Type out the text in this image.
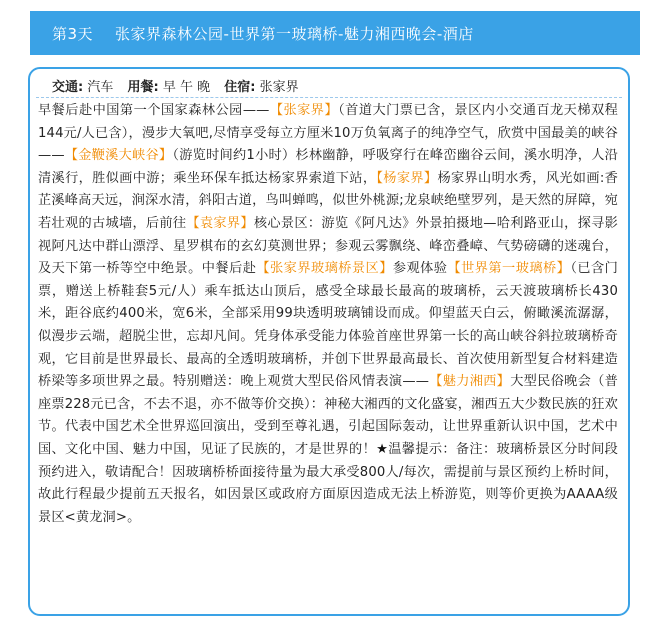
第3天 张家界森林公园-世界第一玻璃桥-魅力湘西晚会-酒店
交通: 汽车 用餐: 早 午 晚 住宿: 张家界
早餐后赴中国第一个国家森林公园——【张家界】（首道大门票已含，景区内小交通百龙天梯双程144元/人已含），漫步大氧吧,尽情享受每立方厘米10万负氧离子的纯净空气，欣赏中国最美的峡谷——【金鞭溪大峡谷】（游览时间约1小时）杉林幽静，呼吸穿行在峰峦幽谷云间，溪水明净，人沿清溪行，胜似画中游；乘坐环保车抵达杨家界索道下站，【杨家界】杨家界山明水秀，风光如画:香芷溪峰高天远，涧深水清，斜阳古道，鸟叫蝉鸣，似世外桃源;龙泉峡绝壁罗列，是天然的屏障，宛若壮观的古城墙，后前往【袁家界】核心景区：游览《阿凡达》外景拍摄地—哈利路亚山，探寻影视阿凡达中群山漂浮、星罗棋布的玄幻莫测世界；参观云雾飘绕、峰峦叠嶂、气势磅礴的迷魂台，及天下第一桥等空中绝景。中餐后赴【张家界玻璃桥景区】参观体验【世界第一玻璃桥】（已含门票，赠送上桥鞋套5元/人）乘车抵达山顶后，感受全球最长最高的玻璃桥，云天渡玻璃桥长430米，距谷底约400米，宽6米，全部采用99块透明玻璃铺设而成。仰望蓝天白云，俯瞰溪流潺潺，似漫步云端，超脱尘世，忘却凡间。凭身体承受能力体验首座世界第一长的高山峡谷斜拉玻璃桥奇观，它目前是世界最长、最高的全透明玻璃桥，并创下世界最高最长、首次使用新型复合材料建造桥梁等多项世界之最。特别赠送：晚上观赏大型民俗风情表演——【魅力湘西】大型民俗晚会（普座票228元已含，不去不退，亦不做等价交换）：神秘大湘西的文化盛宴，湘西五大少数民族的狂欢节。代表中国艺术全世界巡回演出，受到至尊礼遇，引起国际轰动，让世界重新认识中国，艺术中国、文化中国、魅力中国，见证了民族的，才是世界的！★温馨提示：备注：玻璃桥景区分时间段预约进入，敬请配合！因玻璃桥桥面接待量为最大承受800人/每次，需提前与景区预约上桥时间，故此行程最少提前五天报名，如因景区或政府方面原因造成无法上桥游览，则等价更换为AAAA级景区<黄龙洞>。
